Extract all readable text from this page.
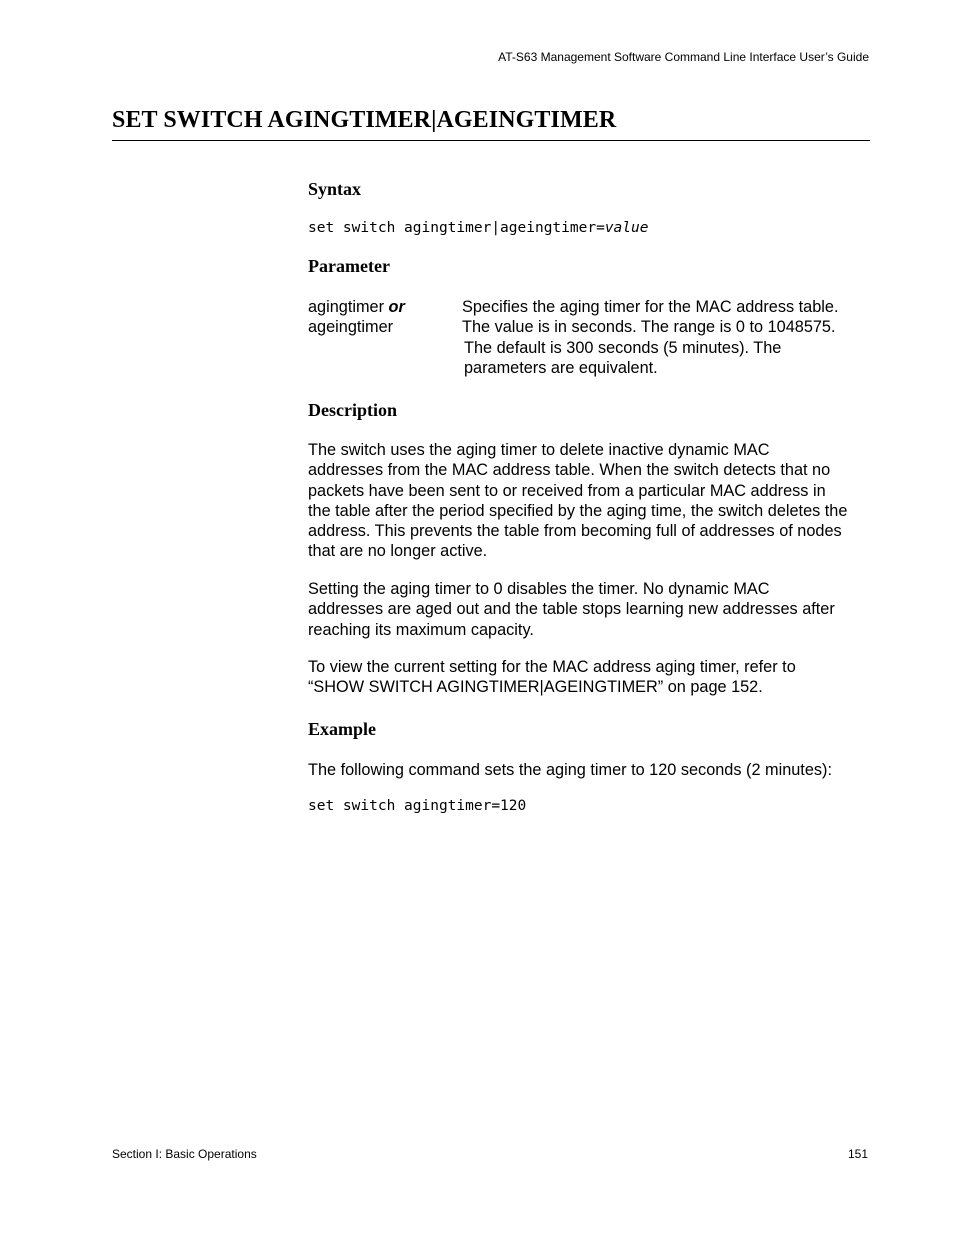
AT-S63 Management Software Command Line Interface User’s Guide
SET SWITCH AGINGTIMER|AGEINGTIMER
Syntax
set switch agingtimer|ageingtimer=value
Parameter
agingtimer or
ageingtimer
Specifies the aging timer for the MAC address table.
The value is in seconds. The range is 0 to 1048575.
The default is 300 seconds (5 minutes). The
parameters are equivalent.
Description
The switch uses the aging timer to delete inactive dynamic MAC
addresses from the MAC address table. When the switch detects that no
packets have been sent to or received from a particular MAC address in
the table after the period specified by the aging time, the switch deletes the
address. This prevents the table from becoming full of addresses of nodes
that are no longer active.
Setting the aging timer to 0 disables the timer. No dynamic MAC
addresses are aged out and the table stops learning new addresses after
reaching its maximum capacity.
To view the current setting for the MAC address aging timer, refer to
“SHOW SWITCH AGINGTIMER|AGEINGTIMER” on page 152.
Example
The following command sets the aging timer to 120 seconds (2 minutes):
set switch agingtimer=120
Section I: Basic Operations	151
